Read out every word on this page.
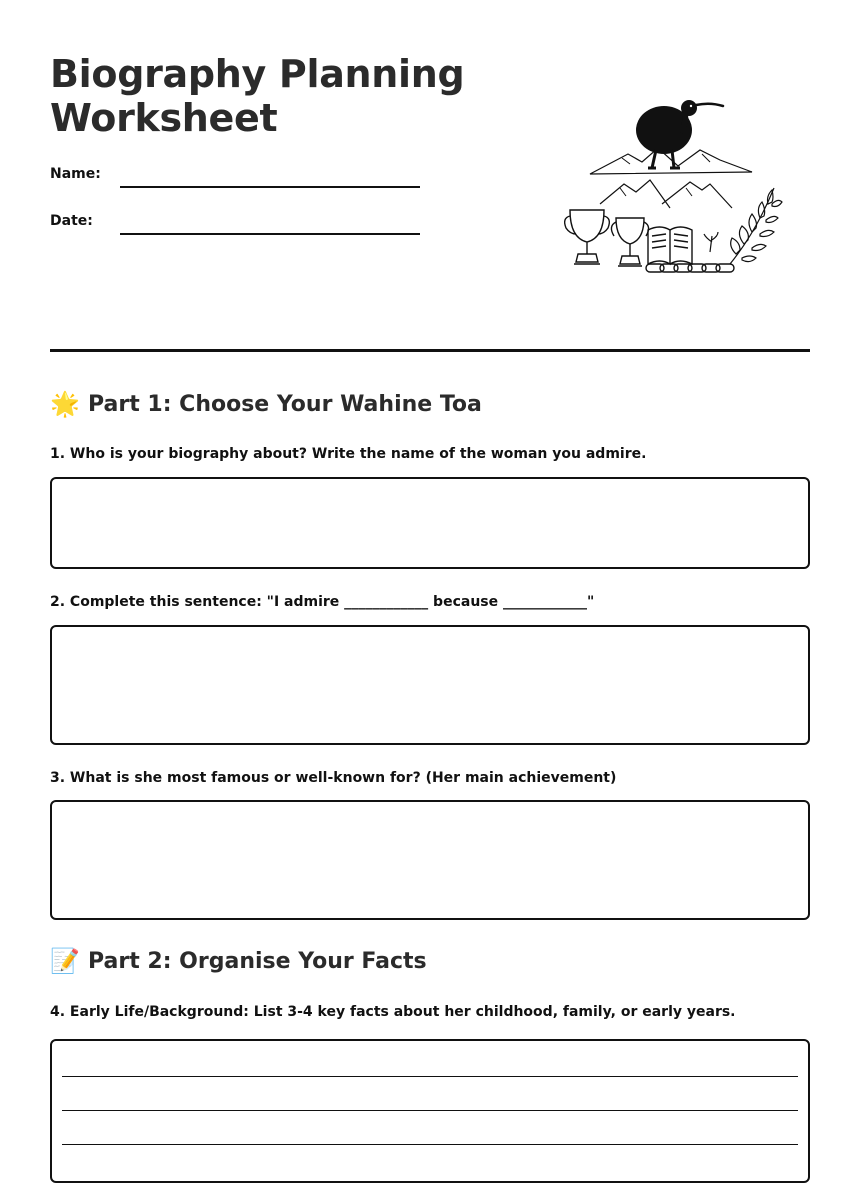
Biography Planning
Worksheet
Name:
Date:
🌟 Part 1: Choose Your Wahine Toa

1. Who is your biography about? Write the name of the woman you admire.

2. Complete this sentence: "I admire ____________ because ____________"

3. What is she most famous or well-known for? (Her main achievement)

📝 Part 2: Organise Your Facts

4. Early Life/Background: List 3-4 key facts about her childhood, family, or early years.
